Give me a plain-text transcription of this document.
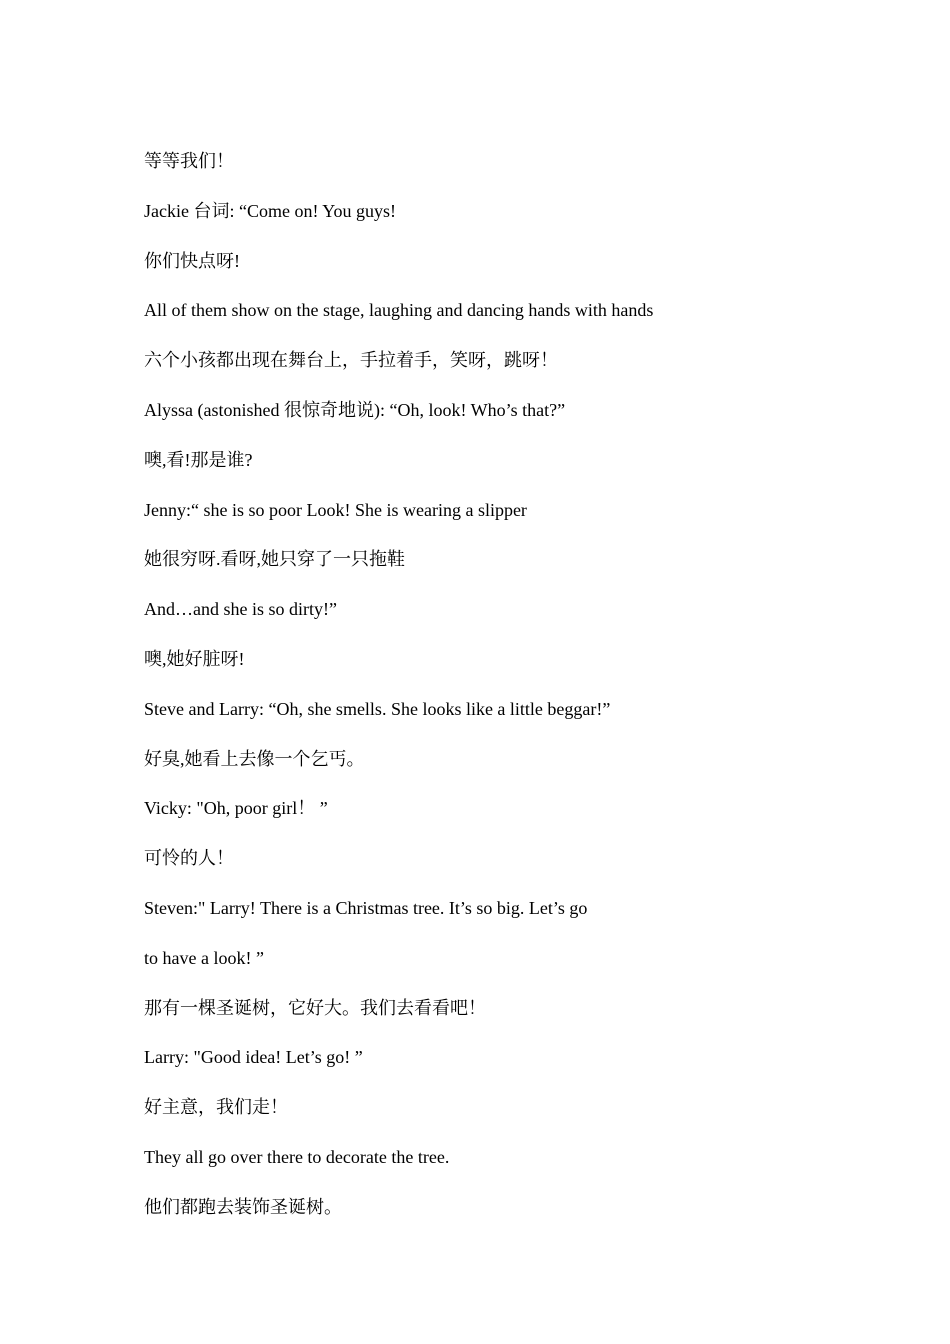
等等我们！
Jackie 台词: “Come on! You guys!
你们快点呀!
All of them show on the stage, laughing and dancing hands with hands
六个小孩都出现在舞台上，手拉着手，笑呀，跳呀！
Alyssa (astonished 很惊奇地说): “Oh, look! Who’s that?”
噢,看!那是谁?
Jenny:“ she is so poor Look! She is wearing a slipper
她很穷呀.看呀,她只穿了一只拖鞋
And…and she is so dirty!”
噢,她好脏呀!
Steve and Larry: “Oh, she smells. She looks like a little beggar!”
好臭,她看上去像一个乞丐。
Vicky: "Oh, poor girl！ ”
可怜的人！
Steven:" Larry! There is a Christmas tree. It’s so big. Let’s go
to have a look! ”
那有一棵圣诞树，它好大。我们去看看吧！
Larry: "Good idea! Let’s go! ”
好主意，我们走！
They all go over there to decorate the tree.
他们都跑去装饰圣诞树。
